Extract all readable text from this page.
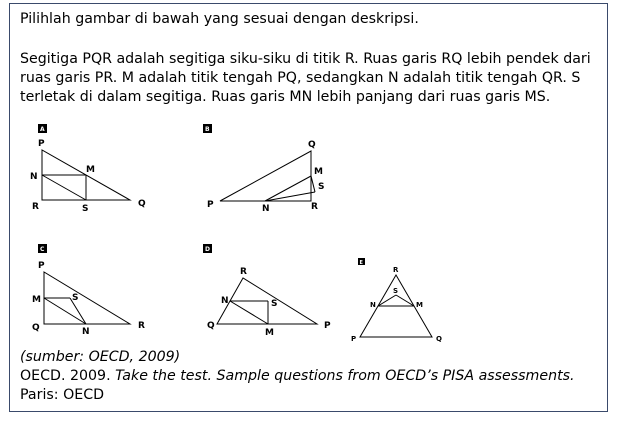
Pilihlah gambar di bawah yang sesuai dengan deskripsi.
Segitiga PQR adalah segitiga siku-siku di titik R. Ruas garis RQ lebih pendek dari
ruas garis PR. M adalah titik tengah PQ, sedangkan N adalah titik tengah QR. S
terletak di dalam segitiga. Ruas garis MN lebih panjang dari ruas garis MS.
A
P
N
M
R	S	Q
B
Q
M
S
P	N	R
C
P
M	S
Q	N
R
D
R
N	S
Q
M
P
E
R
S
N	M
P	Q
(sumber: OECD, 2009)
OECD. 2009. Take the test. Sample questions from OECD’s PISA assessments.
Paris: OECD
